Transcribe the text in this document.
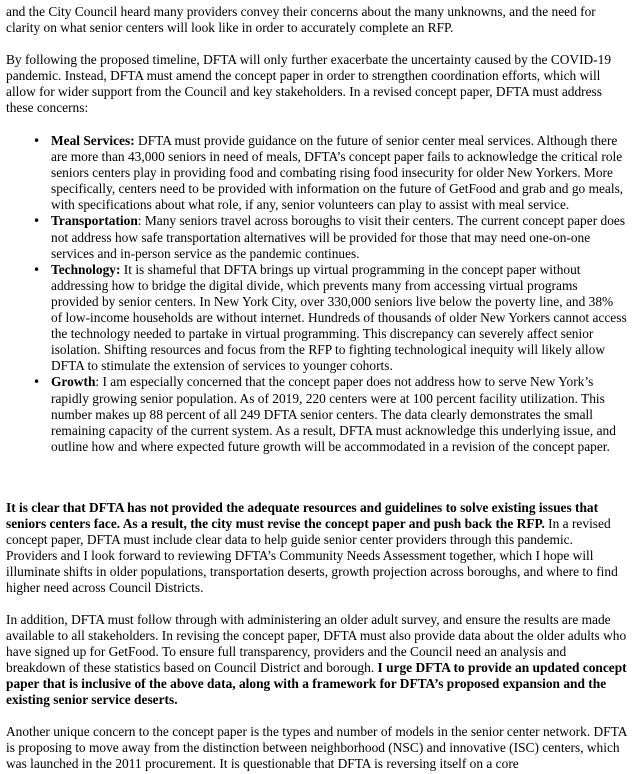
and the City Council heard many providers convey their concerns about the many unknowns, and the need for clarity on what senior centers will look like in order to accurately complete an RFP.

By following the proposed timeline, DFTA will only further exacerbate the uncertainty caused by the COVID-19 pandemic. Instead, DFTA must amend the concept paper in order to strengthen coordination efforts, which will allow for wider support from the Council and key stakeholders. In a revised concept paper, DFTA must address these concerns:

• Meal Services: DFTA must provide guidance on the future of senior center meal services. Although there are more than 43,000 seniors in need of meals, DFTA’s concept paper fails to acknowledge the critical role seniors centers play in providing food and combating rising food insecurity for older New Yorkers. More specifically, centers need to be provided with information on the future of GetFood and grab and go meals, with specifications about what role, if any, senior volunteers can play to assist with meal service.
• Transportation: Many seniors travel across boroughs to visit their centers. The current concept paper does not address how safe transportation alternatives will be provided for those that may need one-on-one services and in-person service as the pandemic continues.
• Technology: It is shameful that DFTA brings up virtual programming in the concept paper without addressing how to bridge the digital divide, which prevents many from accessing virtual programs provided by senior centers. In New York City, over 330,000 seniors live below the poverty line, and 38% of low-income households are without internet. Hundreds of thousands of older New Yorkers cannot access the technology needed to partake in virtual programming. This discrepancy can severely affect senior isolation. Shifting resources and focus from the RFP to fighting technological inequity will likely allow DFTA to stimulate the extension of services to younger cohorts.
• Growth: I am especially concerned that the concept paper does not address how to serve New York’s rapidly growing senior population. As of 2019, 220 centers were at 100 percent facility utilization. This number makes up 88 percent of all 249 DFTA senior centers. The data clearly demonstrates the small remaining capacity of the current system. As a result, DFTA must acknowledge this underlying issue, and outline how and where expected future growth will be accommodated in a revision of the concept paper.

It is clear that DFTA has not provided the adequate resources and guidelines to solve existing issues that seniors centers face. As a result, the city must revise the concept paper and push back the RFP. In a revised concept paper, DFTA must include clear data to help guide senior center providers through this pandemic. Providers and I look forward to reviewing DFTA’s Community Needs Assessment together, which I hope will illuminate shifts in older populations, transportation deserts, growth projection across boroughs, and where to find higher need across Council Districts.

In addition, DFTA must follow through with administering an older adult survey, and ensure the results are made available to all stakeholders. In revising the concept paper, DFTA must also provide data about the older adults who have signed up for GetFood. To ensure full transparency, providers and the Council need an analysis and breakdown of these statistics based on Council District and borough. I urge DFTA to provide an updated concept paper that is inclusive of the above data, along with a framework for DFTA’s proposed expansion and the existing senior service deserts.

Another unique concern to the concept paper is the types and number of models in the senior center network. DFTA is proposing to move away from the distinction between neighborhood (NSC) and innovative (ISC) centers, which was launched in the 2011 procurement. It is questionable that DFTA is reversing itself on a core
